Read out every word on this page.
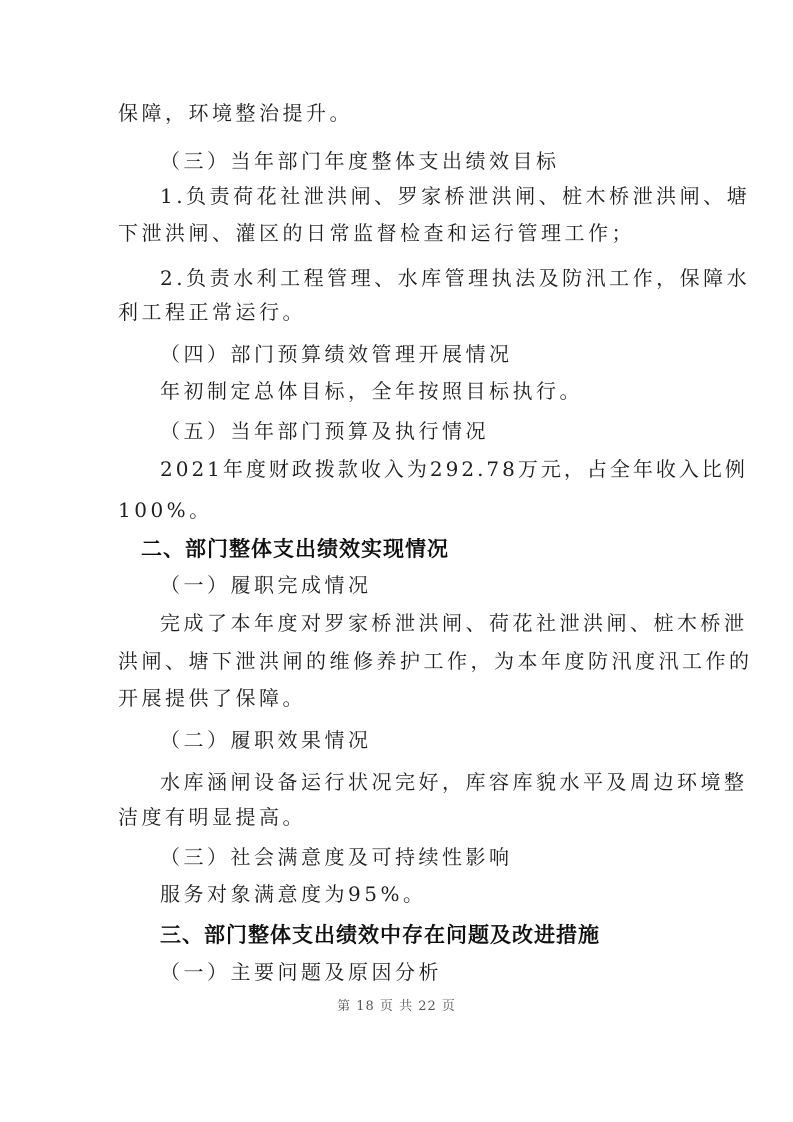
保障，环境整治提升。
（三）当年部门年度整体支出绩效目标
1.负责荷花社泄洪闸、罗家桥泄洪闸、桩木桥泄洪闸、塘
下泄洪闸、灌区的日常监督检查和运行管理工作；
2.负责水利工程管理、水库管理执法及防汛工作，保障水
利工程正常运行。
（四）部门预算绩效管理开展情况
年初制定总体目标，全年按照目标执行。
（五）当年部门预算及执行情况
2021年度财政拨款收入为292.78万元，占全年收入比例
100%。
二、部门整体支出绩效实现情况
（一）履职完成情况
完成了本年度对罗家桥泄洪闸、荷花社泄洪闸、桩木桥泄
洪闸、塘下泄洪闸的维修养护工作，为本年度防汛度汛工作的
开展提供了保障。
（二）履职效果情况
水库涵闸设备运行状况完好，库容库貌水平及周边环境整
洁度有明显提高。
（三）社会满意度及可持续性影响
服务对象满意度为95%。
三、部门整体支出绩效中存在问题及改进措施
（一）主要问题及原因分析
第 18 页 共 22 页
